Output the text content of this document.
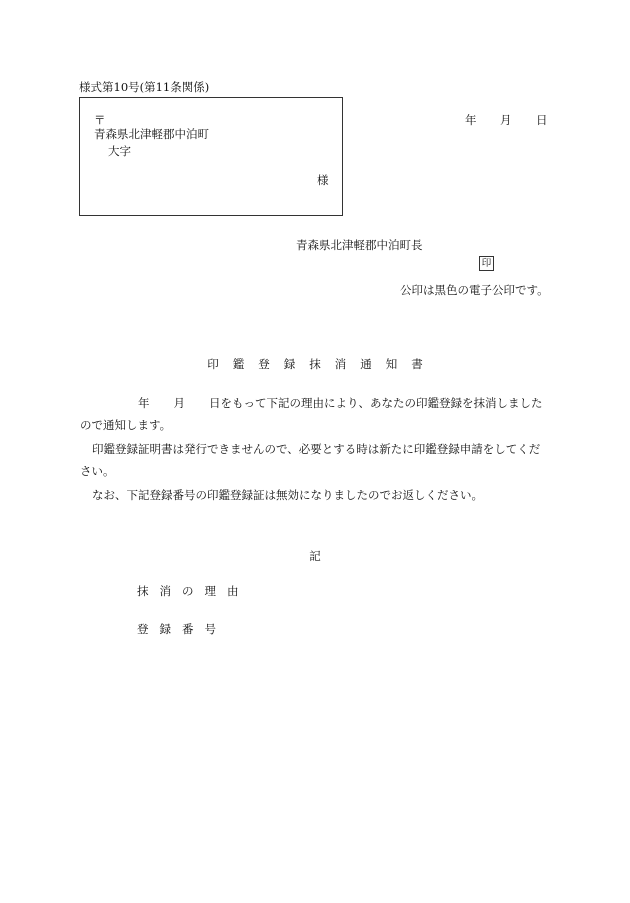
様式第10号(第11条関係)
〒
青森県北津軽郡中泊町
大字
様
年 月 日
青森県北津軽郡中泊町長
印
公印は黒色の電子公印です。
印鑑登録抹消通知書
年 月 日をもって下記の理由により、あなたの印鑑登録を抹消しました
ので通知します。
印鑑登録証明書は発行できませんので、必要とする時は新たに印鑑登録申請をしてくだ
さい。
なお、下記登録番号の印鑑登録証は無効になりましたのでお返しください。
記
抹消の理由
登録番号
